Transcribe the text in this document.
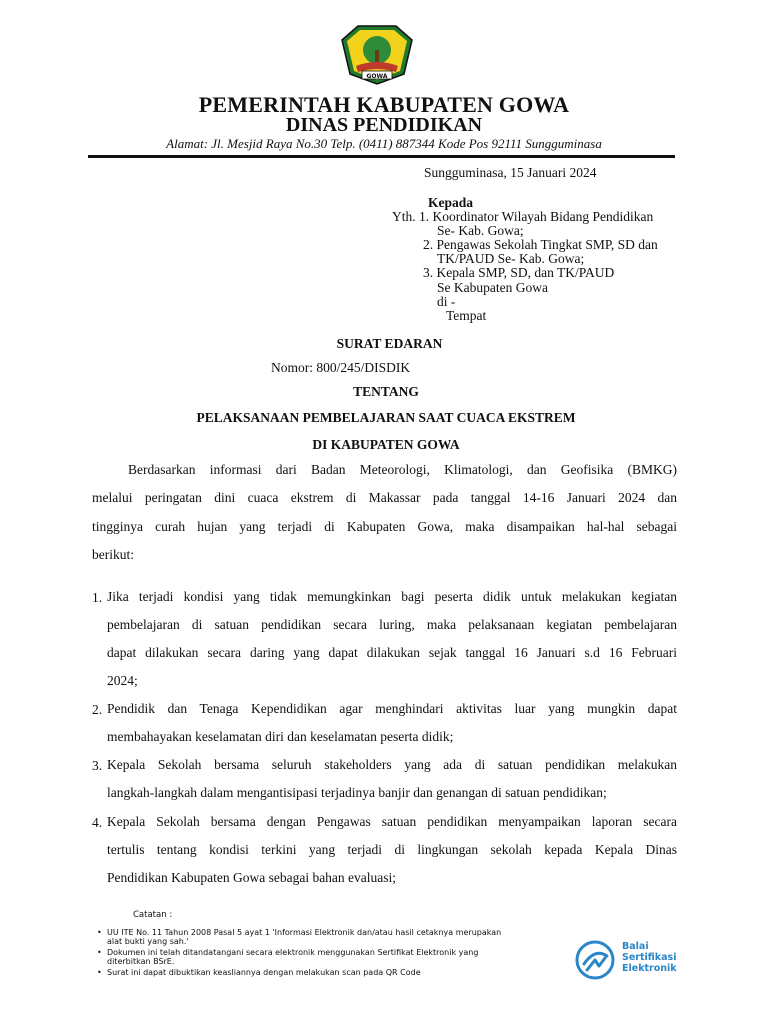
GOWA
PEMERINTAH KABUPATEN GOWA
DINAS PENDIDIKAN
Alamat: Jl. Mesjid Raya No.30 Telp. (0411) 887344 Kode Pos 92111 Sungguminasa
Sungguminasa, 15 Januari 2024
Kepada
Yth. 1. Koordinator Wilayah Bidang Pendidikan
Se- Kab. Gowa;
2. Pengawas Sekolah Tingkat SMP, SD dan
TK/PAUD Se- Kab. Gowa;
3. Kepala SMP, SD, dan TK/PAUD
Se Kabupaten Gowa
di -
Tempat
SURAT EDARAN
Nomor: 800/245/DISDIK
TENTANG
PELAKSANAAN PEMBELAJARAN SAAT CUACA EKSTREM
DI KABUPATEN GOWA
Berdasarkan informasi dari Badan Meteorologi, Klimatologi, dan Geofisika (BMKG)
melalui peringatan dini cuaca ekstrem di Makassar pada tanggal 14-16 Januari 2024 dan
tingginya curah hujan yang terjadi di Kabupaten Gowa, maka disampaikan hal-hal sebagai
berikut:
1. Jika terjadi kondisi yang tidak memungkinkan bagi peserta didik untuk melakukan kegiatan
pembelajaran di satuan pendidikan secara luring, maka pelaksanaan kegiatan pembelajaran
dapat dilakukan secara daring yang dapat dilakukan sejak tanggal 16 Januari s.d 16 Februari
2024;
2. Pendidik dan Tenaga Kependidikan agar menghindari aktivitas luar yang mungkin dapat
membahayakan keselamatan diri dan keselamatan peserta didik;
3. Kepala Sekolah bersama seluruh stakeholders yang ada di satuan pendidikan melakukan
langkah-langkah dalam mengantisipasi terjadinya banjir dan genangan di satuan pendidikan;
4. Kepala Sekolah bersama dengan Pengawas satuan pendidikan menyampaikan laporan secara
tertulis tentang kondisi terkini yang terjadi di lingkungan sekolah kepada Kepala Dinas
Pendidikan Kabupaten Gowa sebagai bahan evaluasi;
Catatan :
• UU ITE No. 11 Tahun 2008 Pasal 5 ayat 1 'Informasi Elektronik dan/atau hasil cetaknya merupakan alat bukti yang sah.'
• Dokumen ini telah ditandatangani secara elektronik menggunakan Sertifikat Elektronik yang diterbitkan BSrE.
• Surat ini dapat dibuktikan keasliannya dengan melakukan scan pada QR Code
Balai
Sertifikasi
Elektronik
